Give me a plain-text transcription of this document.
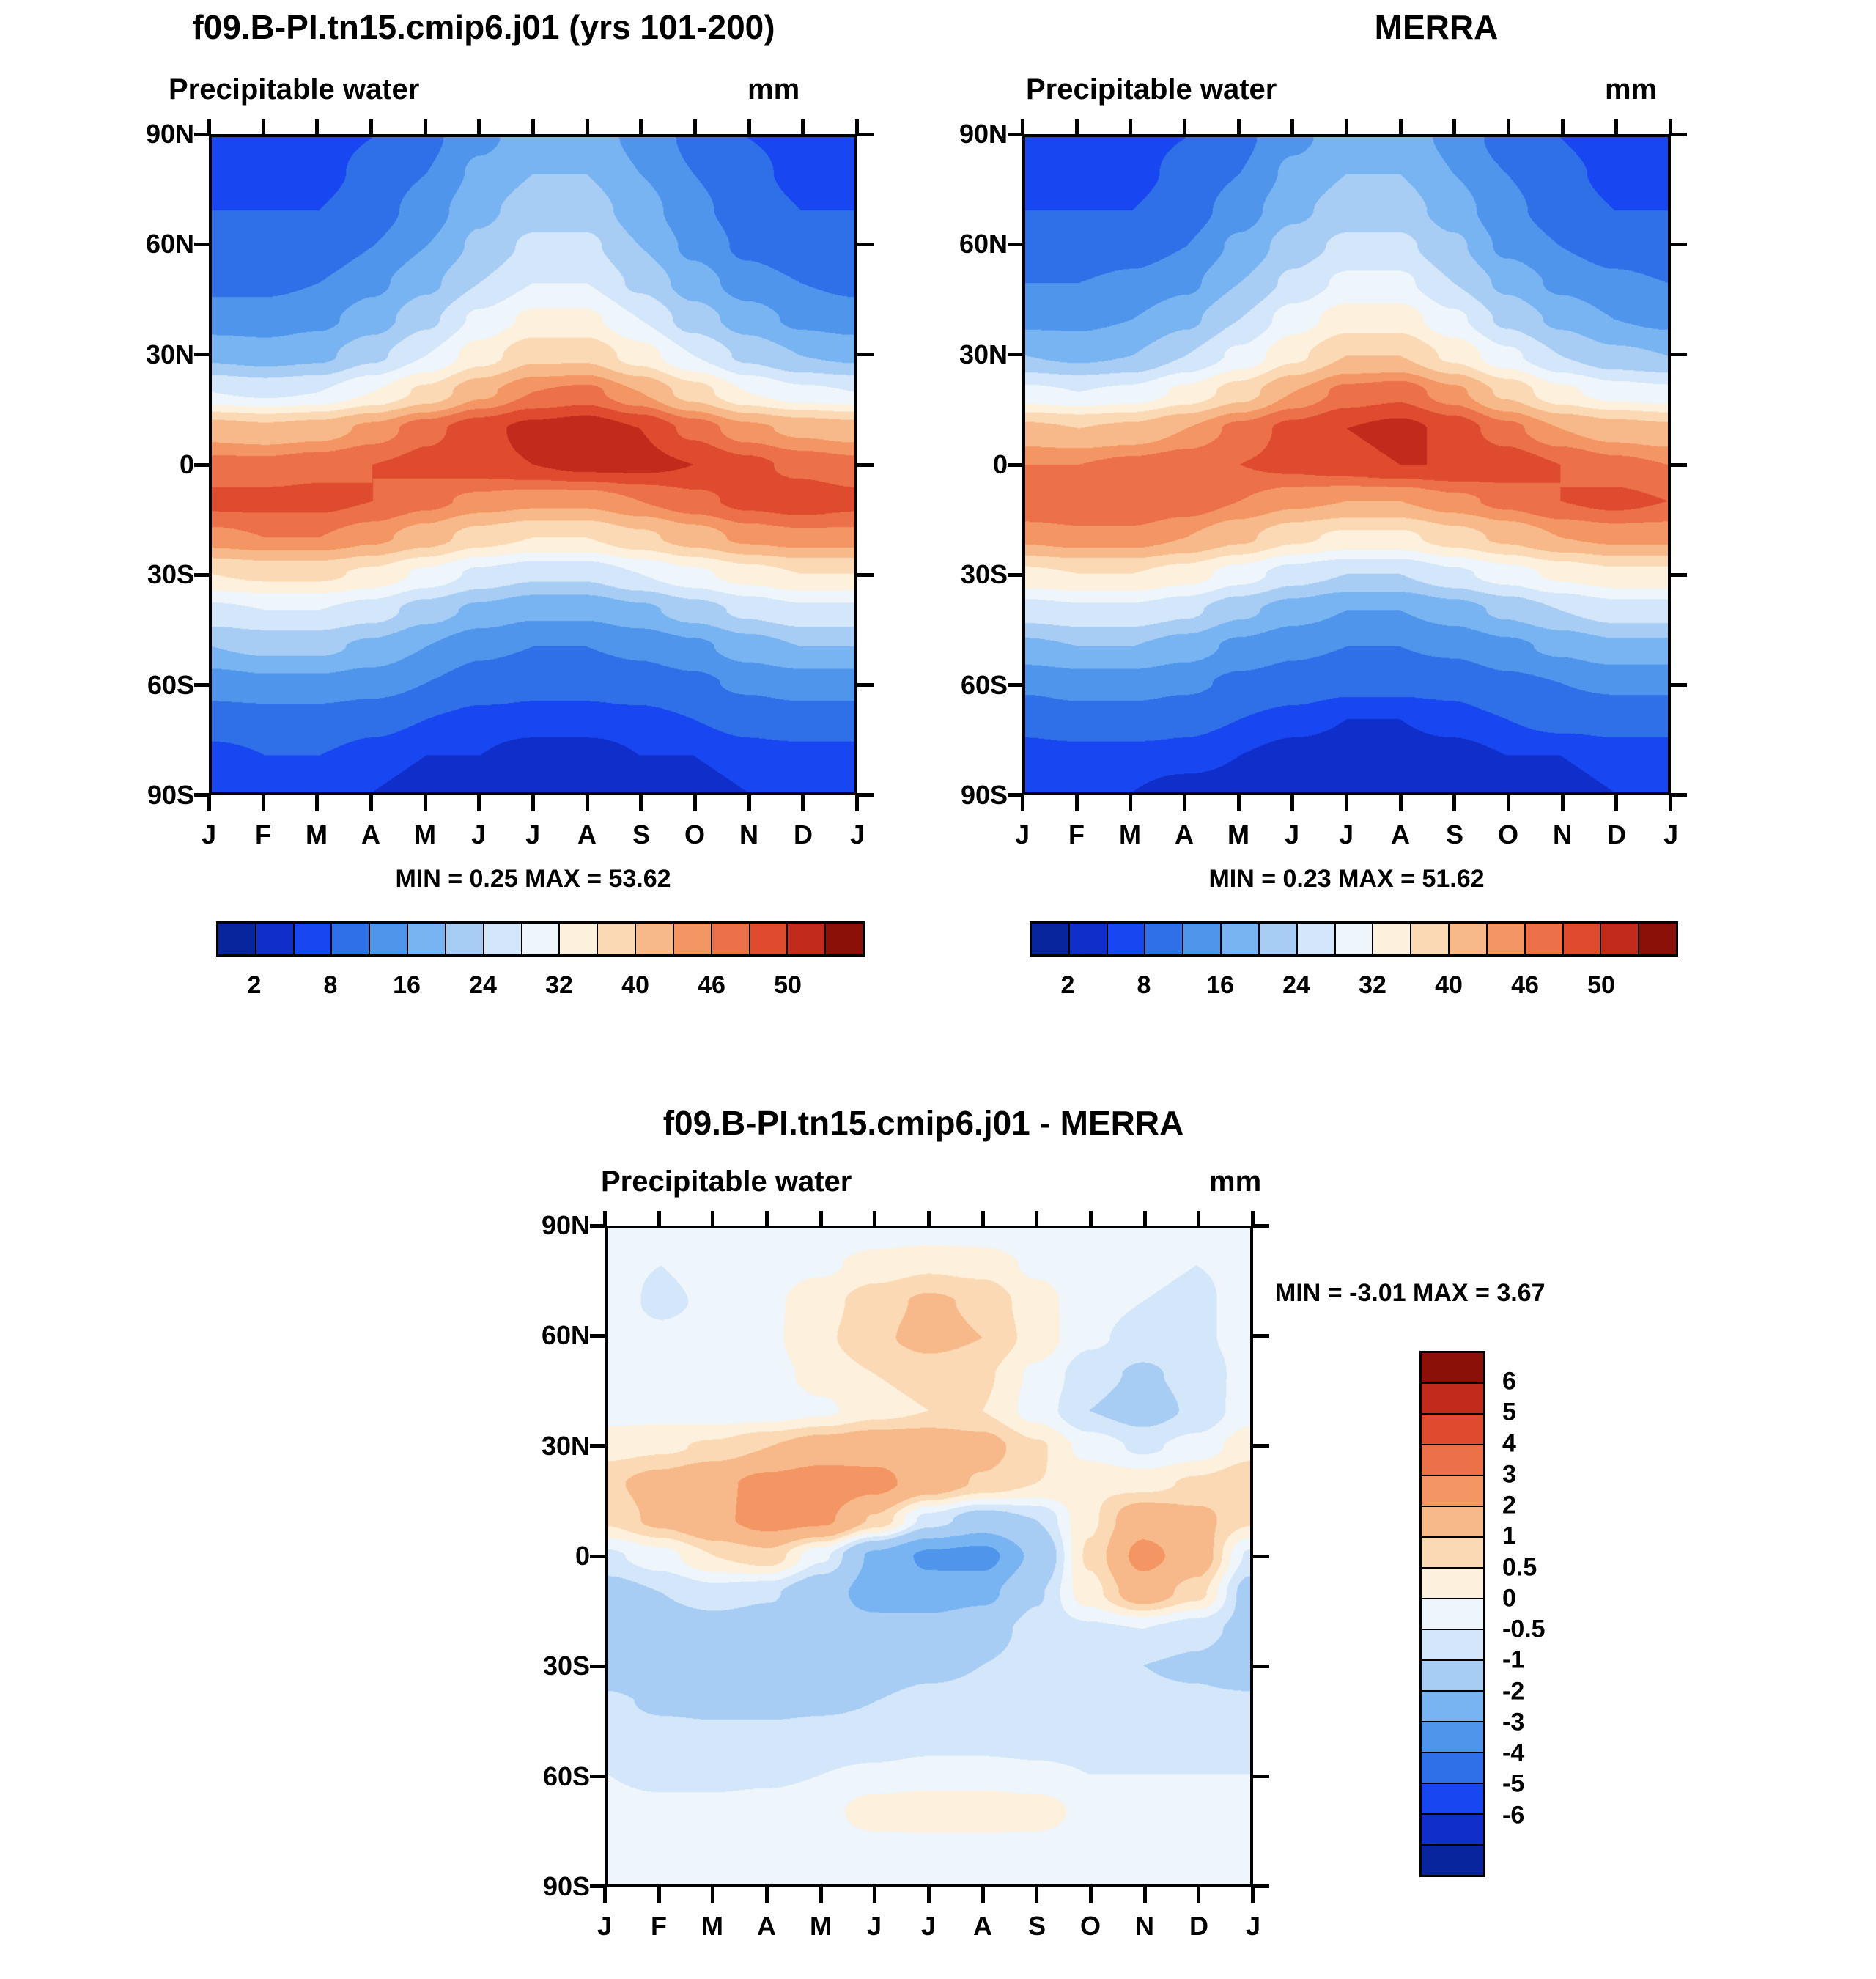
f09.B-PI.tn15.cmip6.j01 (yrs 101-200)
Precipitable water	mm
90N
60N
30N
0
30S
60S
90S
J F M A M J J A S O N D J
MIN = 0.25 MAX = 53.62
2	8 16 24 32 40 46 50
MERRA
Precipitable water	mm
90N
60N
30N
0
30S
60S
90S
J F M A M J J A S O N D J
MIN = 0.23 MAX = 51.62
2	8 16 24 32 40 46 50
f09.B-PI.tn15.cmip6.j01 - MERRA
Precipitable water	mm
90N
60N
30N
0
30S
60S
90S
J F M A M J J A S O N D J
MIN = -3.01 MAX = 3.67
6
5
4
3
2
1
0.5
0
-0.5
-1
-2
-3
-4
-5
-6
